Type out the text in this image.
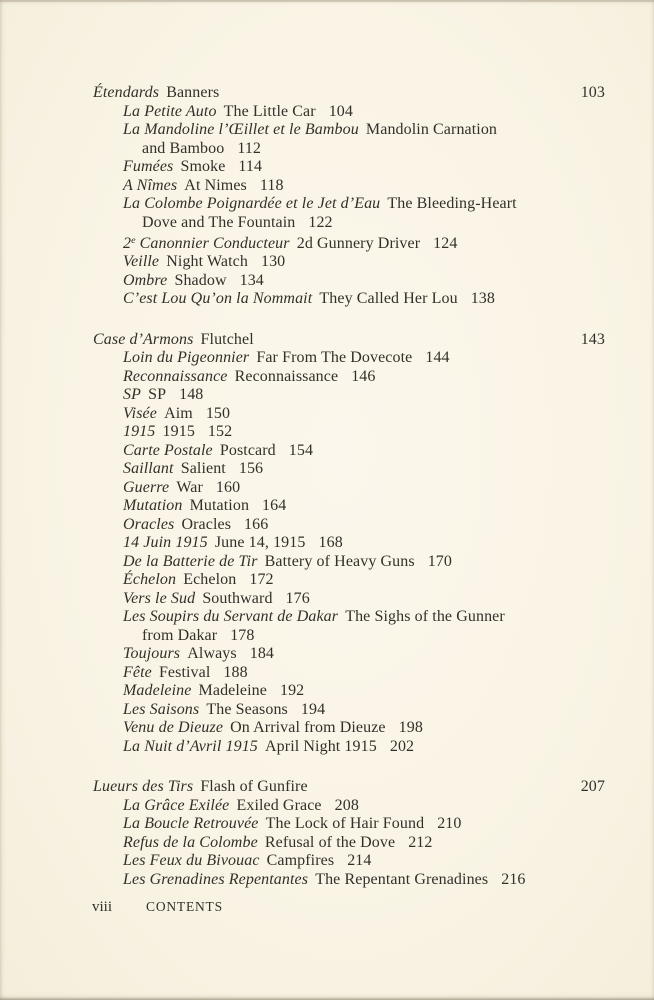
Étendards Banners	103
La Petite Auto The Little Car 104
La Mandoline l’Œillet et le Bambou Mandolin Carnation
and Bamboo 112
Fumées Smoke 114
A Nîmes At Nimes 118
La Colombe Poignardée et le Jet d’Eau The Bleeding-Heart
Dove and The Fountain 122
2e Canonnier Conducteur 2d Gunnery Driver 124
Veille Night Watch 130
Ombre Shadow 134
C’est Lou Qu’on la Nommait They Called Her Lou 138
Case d’Armons Flutchel	143
Loin du Pigeonnier Far From The Dovecote 144
Reconnaissance Reconnaissance 146
SP SP 148
Visée Aim 150
1915 1915 152
Carte Postale Postcard 154
Saillant Salient 156
Guerre War 160
Mutation Mutation 164
Oracles Oracles 166
14 Juin 1915 June 14, 1915 168
De la Batterie de Tir Battery of Heavy Guns 170
Échelon Echelon 172
Vers le Sud Southward 176
Les Soupirs du Servant de Dakar The Sighs of the Gunner
from Dakar 178
Toujours Always 184
Fête Festival 188
Madeleine Madeleine 192
Les Saisons The Seasons 194
Venu de Dieuze On Arrival from Dieuze 198
La Nuit d’Avril 1915 April Night 1915 202
Lueurs des Tirs Flash of Gunfire	207
La Grâce Exilée Exiled Grace 208
La Boucle Retrouvée The Lock of Hair Found 210
Refus de la Colombe Refusal of the Dove 212
Les Feux du Bivouac Campfires 214
Les Grenadines Repentantes The Repentant Grenadines 216
viii	CONTENTS
